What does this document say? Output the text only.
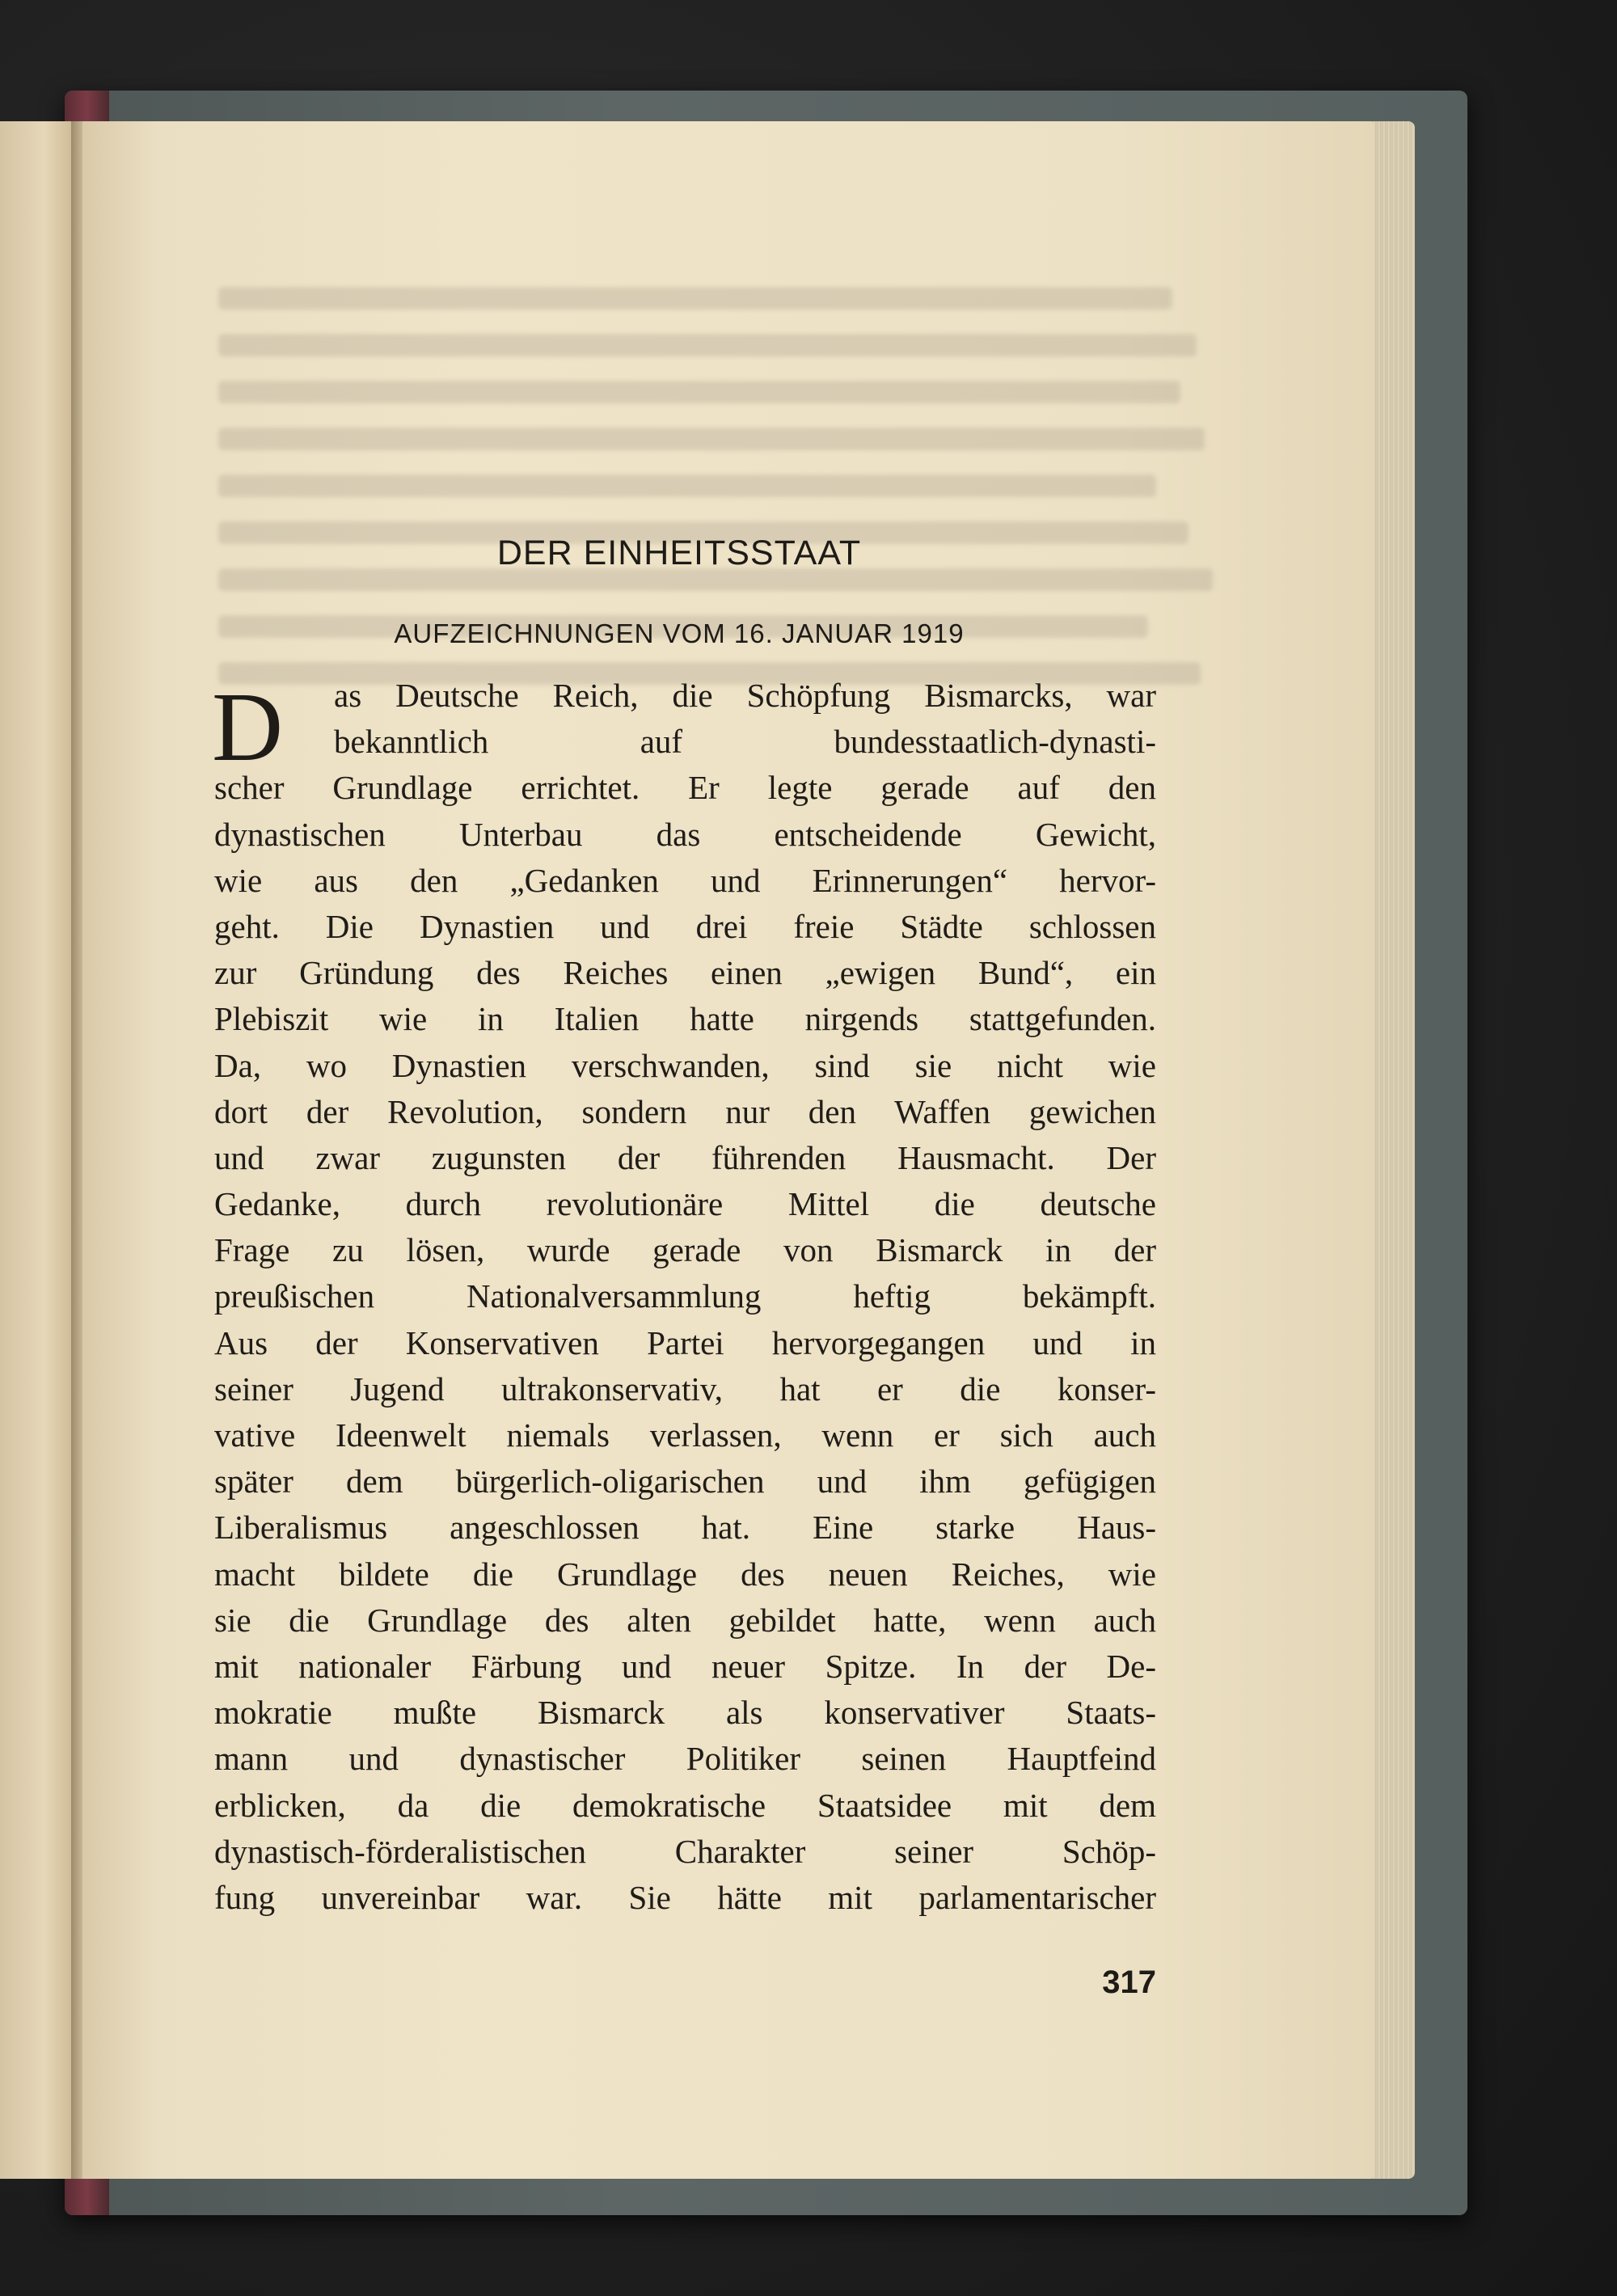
DER EINHEITSSTAAT
AUFZEICHNUNGEN VOM 16. JANUAR 1919
D	as Deutsche Reich, die Schöpfung Bismarcks, war
bekanntlich auf bundesstaatlich-dynasti-
scher Grundlage errichtet. Er legte gerade auf den
dynastischen Unterbau das entscheidende Gewicht,
wie aus den „Gedanken und Erinnerungen“ hervor-
geht. Die Dynastien und drei freie Städte schlossen
zur Gründung des Reiches einen „ewigen Bund“, ein
Plebiszit wie in Italien hatte nirgends stattgefunden.
Da, wo Dynastien verschwanden, sind sie nicht wie
dort der Revolution, sondern nur den Waffen gewichen
und zwar zugunsten der führenden Hausmacht. Der
Gedanke, durch revolutionäre Mittel die deutsche
Frage zu lösen, wurde gerade von Bismarck in der
preußischen Nationalversammlung heftig bekämpft.
Aus der Konservativen Partei hervorgegangen und in
seiner Jugend ultrakonservativ, hat er die konser-
vative Ideenwelt niemals verlassen, wenn er sich auch
später dem bürgerlich-oligarischen und ihm gefügigen
Liberalismus angeschlossen hat. Eine starke Haus-
macht bildete die Grundlage des neuen Reiches, wie
sie die Grundlage des alten gebildet hatte, wenn auch
mit nationaler Färbung und neuer Spitze. In der De-
mokratie mußte Bismarck als konservativer Staats-
mann und dynastischer Politiker seinen Hauptfeind
erblicken, da die demokratische Staatsidee mit dem
dynastisch-förderalistischen Charakter seiner Schöp-
fung unvereinbar war. Sie hätte mit parlamentarischer
317
